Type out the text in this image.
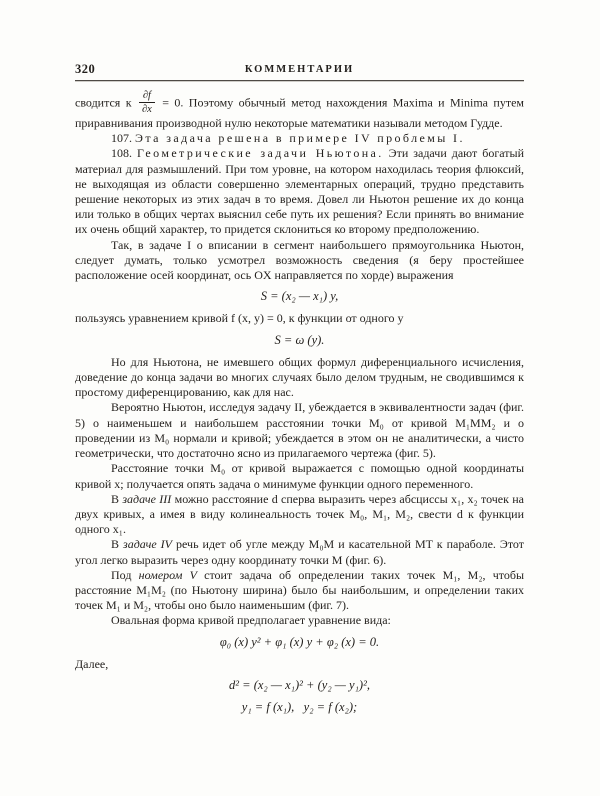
320	КОММЕНТАРИИ

сводится к $\frac{\partial f}{\partial x} = 0$. Поэтому обычный метод нахождения Maxima и Minima путем приравнивания производной нулю некоторые математики называли методом Гудде.

107. Эта задача решена в примере IV проблемы I.

108. Геометрические задачи Ньютона. Эти задачи дают богатый материал для размышлений. При том уровне, на котором находилась теория флюксий, не выходящая из области совершенно элементарных операций, трудно представить решение некоторых из этих задач в то время. Довел ли Ньютон решение их до конца или только в общих чертах выяснил себе путь их решения? Если принять во внимание их очень общий характер, то придется склониться ко второму предположению.

Так, в задаче I о вписании в сегмент наибольшего прямоугольника Ньютон, следует думать, только усмотрел возможность сведения (я беру простейшее расположение осей координат, ось OX направляется по хорде) выражения

S = (x₂ — x₁) y,

пользуясь уравнением кривой f (x, y) = 0, к функции от одного y

S = ω (y).

Но для Ньютона, не имевшего общих формул диференциального исчисления, доведение до конца задачи во многих случаях было делом трудным, не сводившимся к простому диференцированию, как для нас.

Вероятно Ньютон, исследуя задачу II, убеждается в эквивалентности задач (фиг. 5) о наименьшем и наибольшем расстоянии точки M₀ от кривой M₁MM₂ и о проведении из M₀ нормали и кривой; убеждается в этом он не аналитически, а чисто геометрически, что достаточно ясно из прилагаемого чертежа (фиг. 5).

Расстояние точки M₀ от кривой выражается с помощью одной координаты кривой x; получается опять задача о минимуме функции одного переменного.

В задаче III можно расстояние d сперва выразить через абсциссы x₁, x₂ точек на двух кривых, а имея в виду колинеальность точек M₀, M₁, M₂, свести d к функции одного x₁.

В задаче IV речь идет об угле между M₀M и касательной MT к параболе. Этот угол легко выразить через одну координату точки M (фиг. 6).

Под номером V стоит задача об определении таких точек M₁, M₂, чтобы расстояние M₁M₂ (по Ньютону ширина) было бы наибольшим, и определении таких точек M₁ и M₂, чтобы оно было наименьшим (фиг. 7).

Овальная форма кривой предполагает уравнение вида:

φ₀ (x) y² + φ₁ (x) y + φ₂ (x) = 0.

Далее,

d² = (x₂ — x₁)² + (y₂ — y₁)²,

y₁ = f (x₁),   y₂ = f (x₂);
